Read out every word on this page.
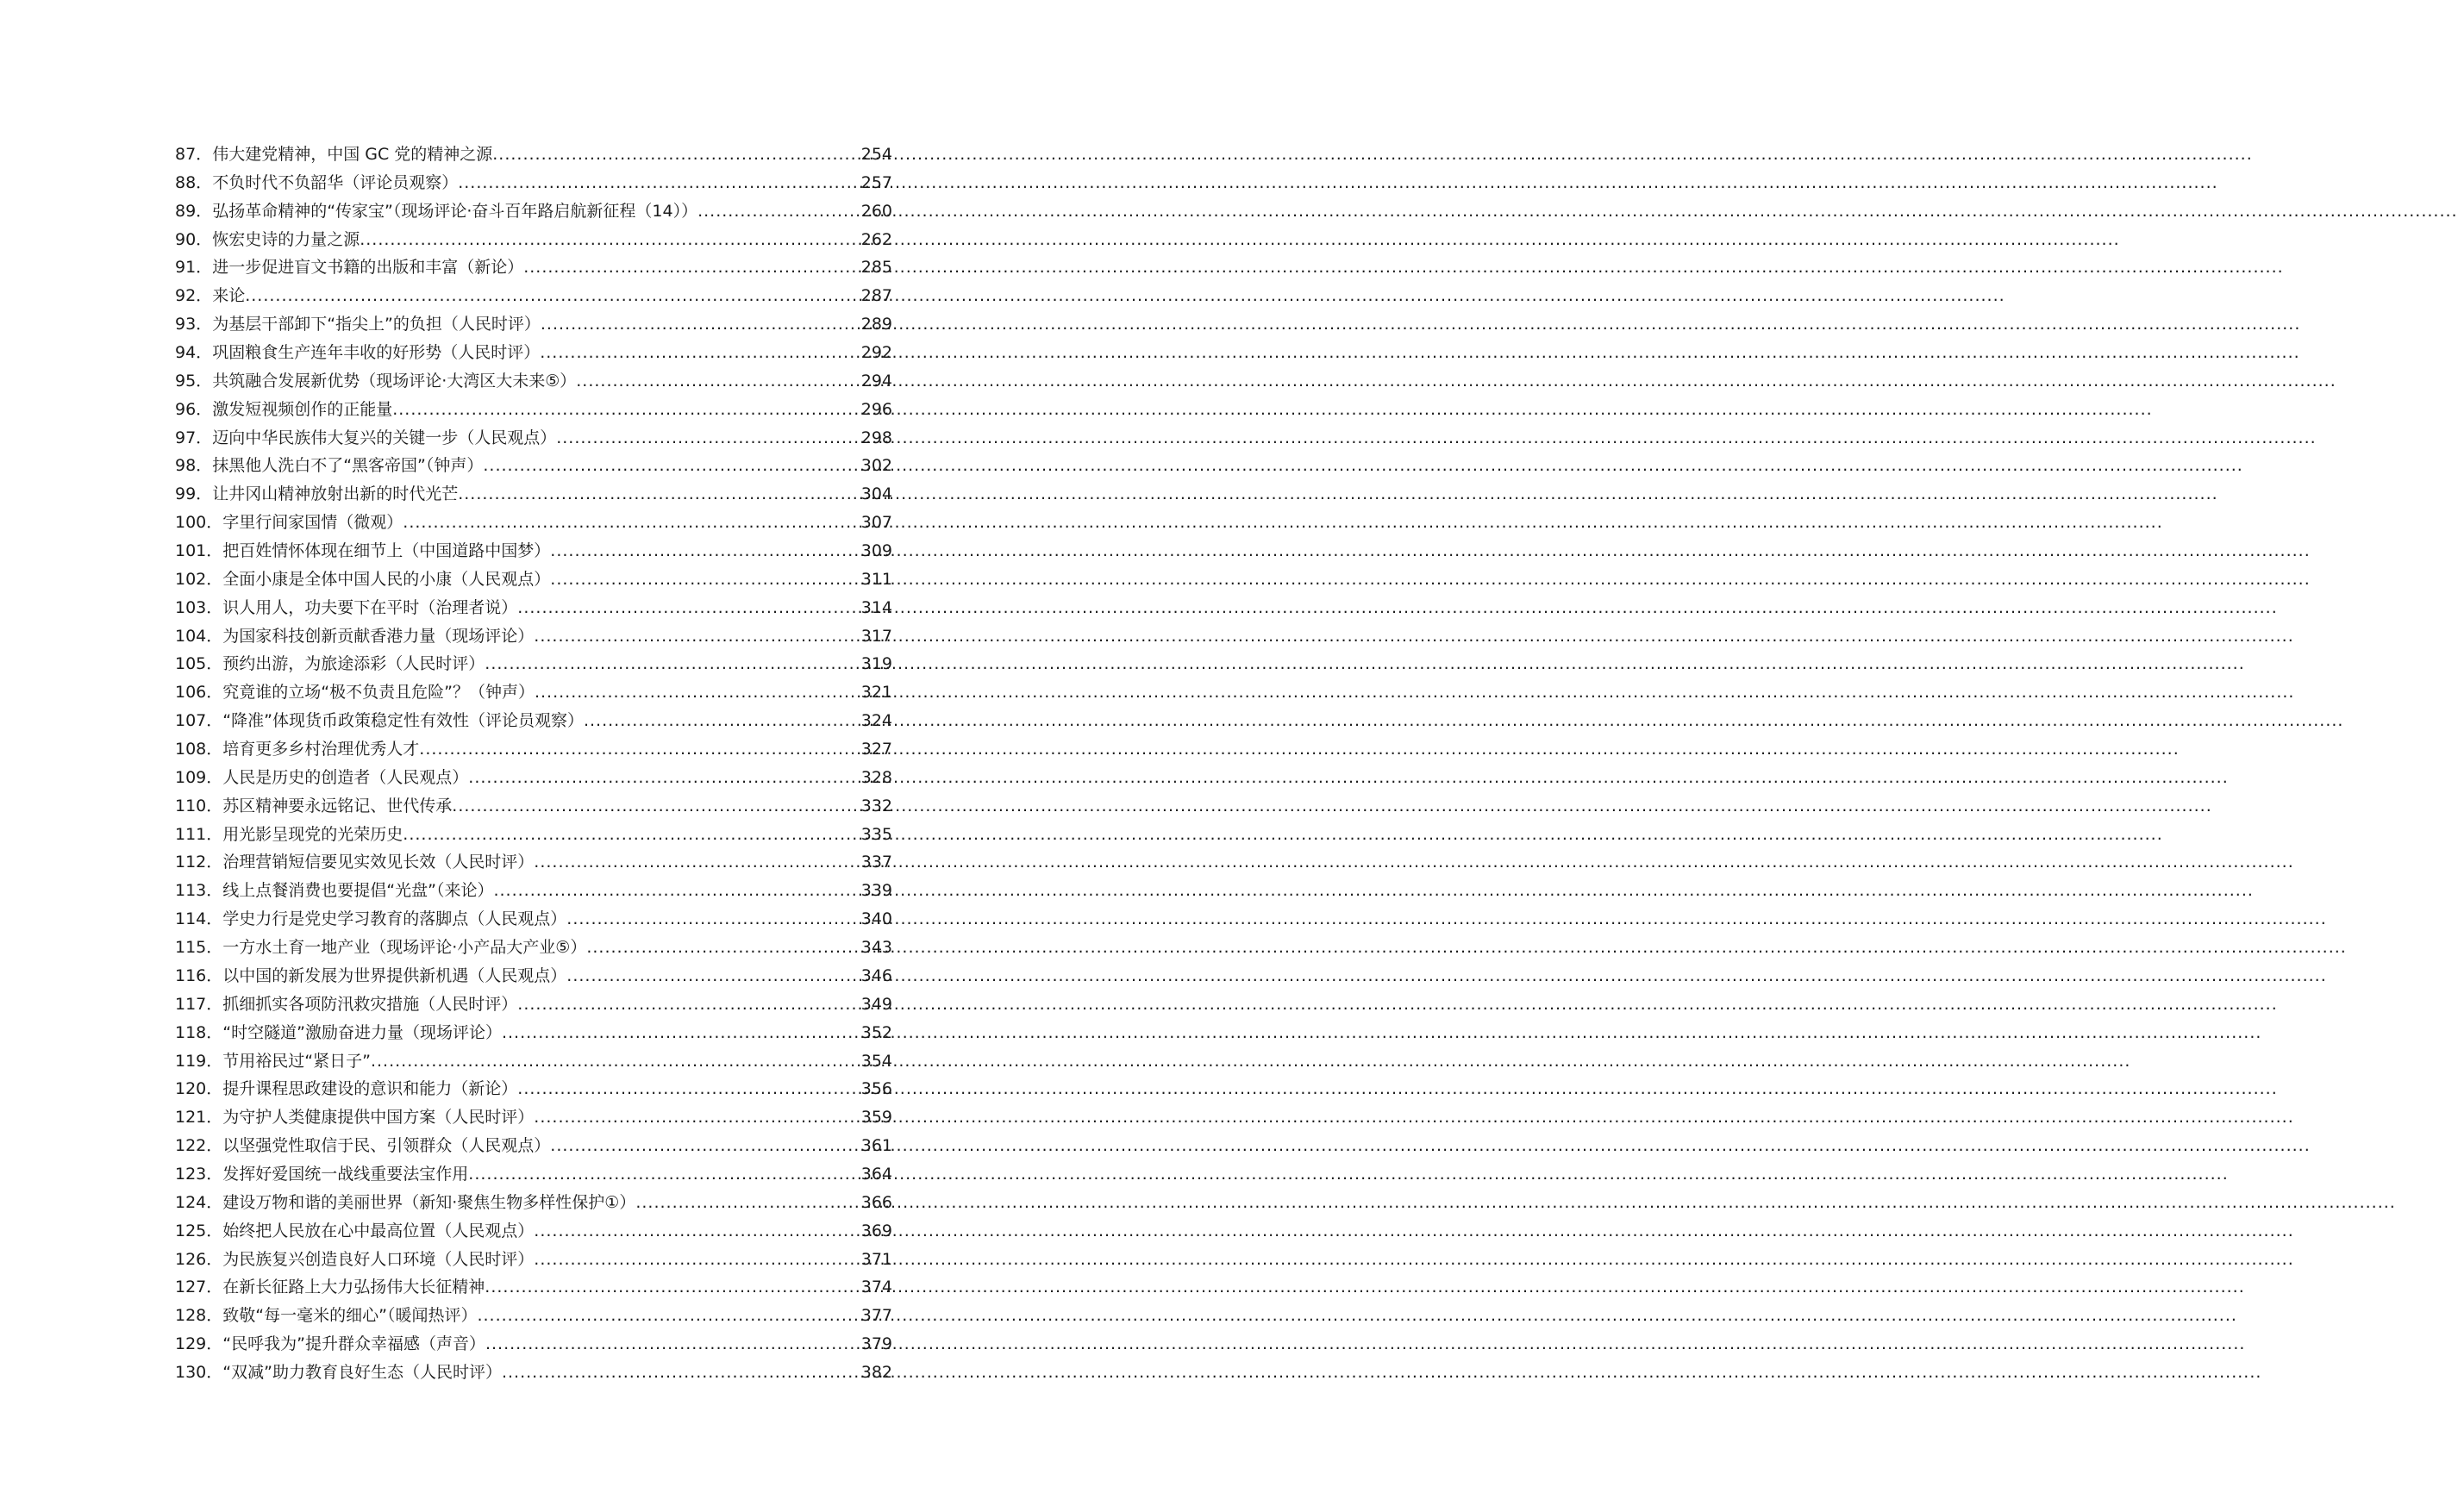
87． 伟大建党精神，中国 GC 党的精神之源 .....	254
88． 不负时代不负韶华（评论员观察） .....	257
89． 弘扬革命精神的“传家宝”（现场评论·奋斗百年路启航新征程（14）） .....	260
90． 恢宏史诗的力量之源 .....	262
91． 进一步促进盲文书籍的出版和丰富（新论） .....	285
92． 来论 .....	287
93． 为基层干部卸下“指尖上”的负担（人民时评） .....	289
94． 巩固粮食生产连年丰收的好形势（人民时评） .....	292
95． 共筑融合发展新优势（现场评论·大湾区大未来⑤） .....	294
96． 激发短视频创作的正能量 .....	296
97． 迈向中华民族伟大复兴的关键一步（人民观点） .....	298
98． 抹黑他人洗白不了“黑客帝国”（钟声） .....	302
99． 让井冈山精神放射出新的时代光芒 .....	304
100． 字里行间家国情（微观） .....	307
101． 把百姓情怀体现在细节上（中国道路中国梦） .....	309
102． 全面小康是全体中国人民的小康（人民观点） .....	311
103． 识人用人，功夫要下在平时（治理者说） .....	314
104． 为国家科技创新贡献香港力量（现场评论） .....	317
105． 预约出游，为旅途添彩（人民时评） .....	319
106． 究竟谁的立场“极不负责且危险”？（钟声） .....	321
107． “降准”体现货币政策稳定性有效性（评论员观察） .....	324
108． 培育更多乡村治理优秀人才 .....	327
109． 人民是历史的创造者（人民观点） .....	328
110． 苏区精神要永远铭记、世代传承 .....	332
111． 用光影呈现党的光荣历史 .....	335
112． 治理营销短信要见实效见长效（人民时评） .....	337
113． 线上点餐消费也要提倡“光盘”（来论） .....	339
114． 学史力行是党史学习教育的落脚点（人民观点） .....	340
115． 一方水土育一地产业（现场评论·小产品大产业⑤） .....	343
116． 以中国的新发展为世界提供新机遇（人民观点） .....	346
117． 抓细抓实各项防汛救灾措施（人民时评） .....	349
118． “时空隧道”激励奋进力量（现场评论） .....	352
119． 节用裕民过“紧日子” .....	354
120． 提升课程思政建设的意识和能力（新论） .....	356
121． 为守护人类健康提供中国方案（人民时评） .....	359
122． 以坚强党性取信于民、引领群众（人民观点） .....	361
123． 发挥好爱国统一战线重要法宝作用 .....	364
124． 建设万物和谐的美丽世界（新知·聚焦生物多样性保护①） .....	366
125． 始终把人民放在心中最高位置（人民观点） .....	369
126． 为民族复兴创造良好人口环境（人民时评） .....	371
127． 在新长征路上大力弘扬伟大长征精神 .....	374
128． 致敬“每一毫米的细心”（暖闻热评） .....	377
129． “民呼我为”提升群众幸福感（声音） .....	379
130． “双减”助力教育良好生态（人民时评） .....	382
